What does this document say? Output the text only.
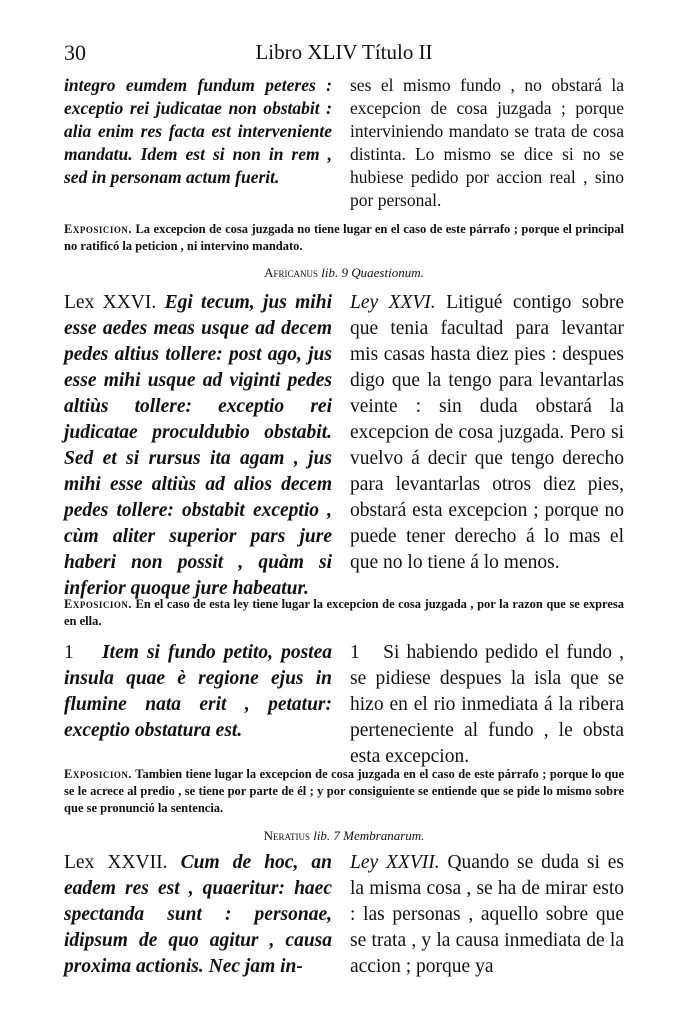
30	Libro XLIV Título II
integro eumdem fundum peteres : exceptio rei judicatae non obstabit : alia enim res facta est interveniente mandatu. Idem est si non in rem , sed in personam actum fuerit.
ses el mismo fundo , no obstará la excepcion de cosa juzgada ; porque interviniendo mandato se trata de cosa distinta. Lo mismo se dice si no se hubiese pedido por accion real , sino por personal.
Exposicion. La excepcion de cosa juzgada no tiene lugar en el caso de este párrafo ; porque el principal no ratificó la peticion , ni intervino mandato.
Africanus lib. 9 Quaestionum.
Lex XXVI. Egi tecum, jus mihi esse aedes meas usque ad decem pedes altius tollere: post ago, jus esse mihi usque ad viginti pedes altiùs tollere: exceptio rei judicatae proculdubio obstabit. Sed et si rursus ita agam , jus mihi esse altiùs ad alios decem pedes tollere: obstabit exceptio , cùm aliter superior pars jure haberi non possit , quàm si inferior quoque jure habeatur.
Ley XXVI. Litigué contigo sobre que tenia facultad para levantar mis casas hasta diez pies : despues digo que la tengo para levantarlas veinte : sin duda obstará la excepcion de cosa juzgada. Pero si vuelvo á decir que tengo derecho para levantarlas otros diez pies, obstará esta excepcion ; porque no puede tener derecho á lo mas el que no lo tiene á lo menos.
Exposicion. En el caso de esta ley tiene lugar la excepcion de cosa juzgada , por la razon que se expresa en ella.
1 Item si fundo petito, postea insula quae è regione ejus in flumine nata erit , petatur: exceptio obstatura est.
1 Si habiendo pedido el fundo , se pidiese despues la isla que se hizo en el rio inmediata á la ribera perteneciente al fundo , le obsta esta excepcion.
Exposicion. Tambien tiene lugar la excepcion de cosa juzgada en el caso de este párrafo ; porque lo que se le acrece al predio , se tiene por parte de él ; y por consiguiente se entiende que se pide lo mismo sobre que se pronunció la sentencia.
Neratius lib. 7 Membranarum.
Lex XXVII. Cum de hoc, an eadem res est , quaeritur: haec spectanda sunt : personae, idipsum de quo agitur , causa proxima actionis. Nec jam in-
Ley XXVII. Quando se duda si es la misma cosa , se ha de mirar esto : las personas , aquello sobre que se trata , y la causa inmediata de la accion ; porque ya
